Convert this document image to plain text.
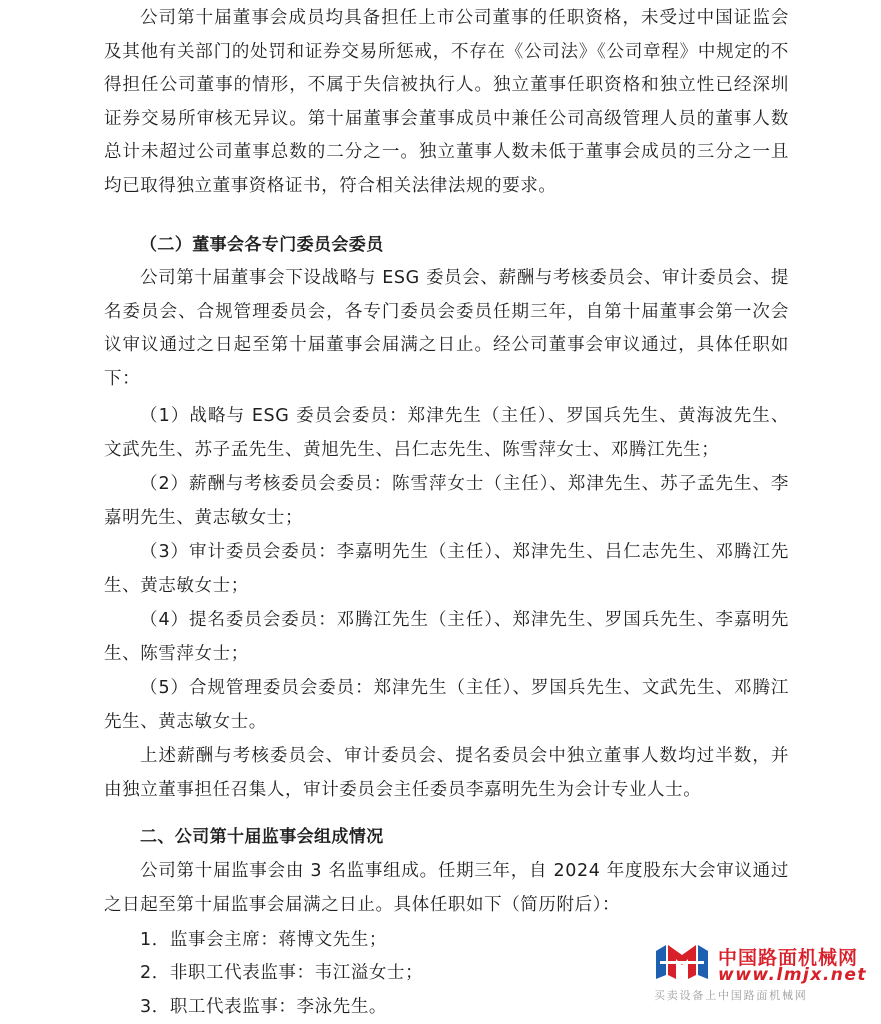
公司第十届董事会成员均具备担任上市公司董事的任职资格，未受过中国证监会及其他有关部门的处罚和证券交易所惩戒，不存在《公司法》《公司章程》中规定的不得担任公司董事的情形，不属于失信被执行人。独立董事任职资格和独立性已经深圳证券交易所审核无异议。第十届董事会董事成员中兼任公司高级管理人员的董事人数总计未超过公司董事总数的二分之一。独立董事人数未低于董事会成员的三分之一且均已取得独立董事资格证书，符合相关法律法规的要求。

（二）董事会各专门委员会委员

公司第十届董事会下设战略与 ESG 委员会、薪酬与考核委员会、审计委员会、提名委员会、合规管理委员会，各专门委员会委员任期三年，自第十届董事会第一次会议审议通过之日起至第十届董事会届满之日止。经公司董事会审议通过，具体任职如下：

（1）战略与 ESG 委员会委员：郑津先生（主任）、罗国兵先生、黄海波先生、文武先生、苏子孟先生、黄旭先生、吕仁志先生、陈雪萍女士、邓腾江先生；

（2）薪酬与考核委员会委员：陈雪萍女士（主任）、郑津先生、苏子孟先生、李嘉明先生、黄志敏女士；

（3）审计委员会委员：李嘉明先生（主任）、郑津先生、吕仁志先生、邓腾江先生、黄志敏女士；

（4）提名委员会委员：邓腾江先生（主任）、郑津先生、罗国兵先生、李嘉明先生、陈雪萍女士；

（5）合规管理委员会委员：郑津先生（主任）、罗国兵先生、文武先生、邓腾江先生、黄志敏女士。

上述薪酬与考核委员会、审计委员会、提名委员会中独立董事人数均过半数，并由独立董事担任召集人，审计委员会主任委员李嘉明先生为会计专业人士。

二、公司第十届监事会组成情况

公司第十届监事会由 3 名监事组成。任期三年，自 2024 年度股东大会审议通过之日起至第十届监事会届满之日止。具体任职如下（简历附后）：

1．监事会主席：蒋博文先生；

2．非职工代表监事：韦江溢女士；

3．职工代表监事：李泳先生。

中国路面机械网
www.lmjx.net
买卖设备上中国路面机械网
